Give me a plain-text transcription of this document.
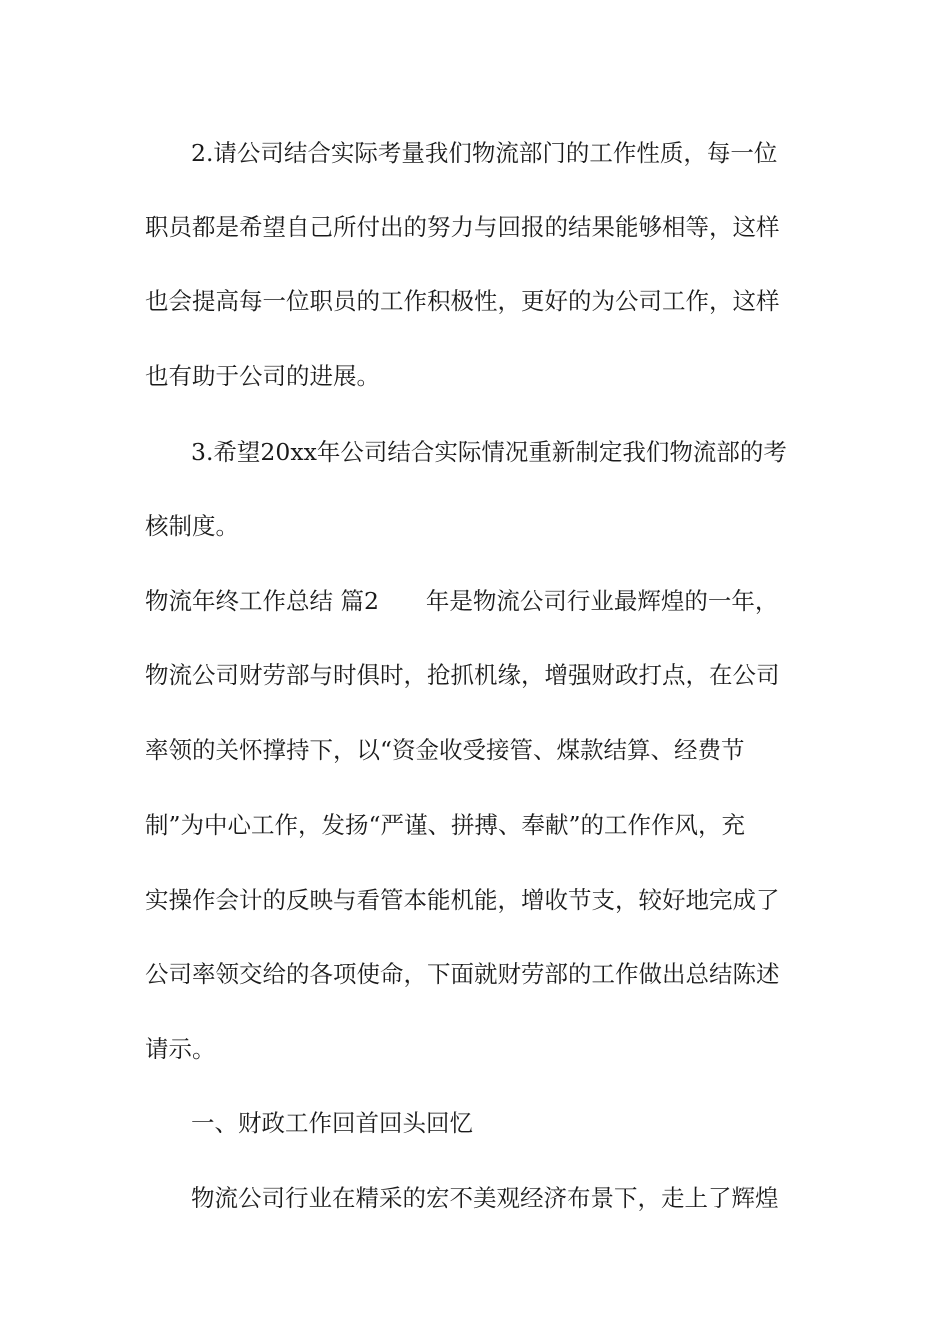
2.请公司结合实际考量我们物流部门的工作性质，每一位
职员都是希望自己所付出的努力与回报的结果能够相等，这样
也会提高每一位职员的工作积极性，更好的为公司工作，这样
也有助于公司的进展。
3.希望20xx年公司结合实际情况重新制定我们物流部的考
核制度。
物流年终工作总结 篇2　　年是物流公司行业最辉煌的一年，
物流公司财劳部与时俱时，抢抓机缘，增强财政打点，在公司
率领的关怀撑持下，以“资金收受接管、煤款结算、经费节
制”为中心工作，发扬“严谨、拼搏、奉献”的工作作风，充
实操作会计的反映与看管本能机能，增收节支，较好地完成了
公司率领交给的各项使命，下面就财劳部的工作做出总结陈述
请示。
一、财政工作回首回头回忆
物流公司行业在精采的宏不美观经济布景下，走上了辉煌
